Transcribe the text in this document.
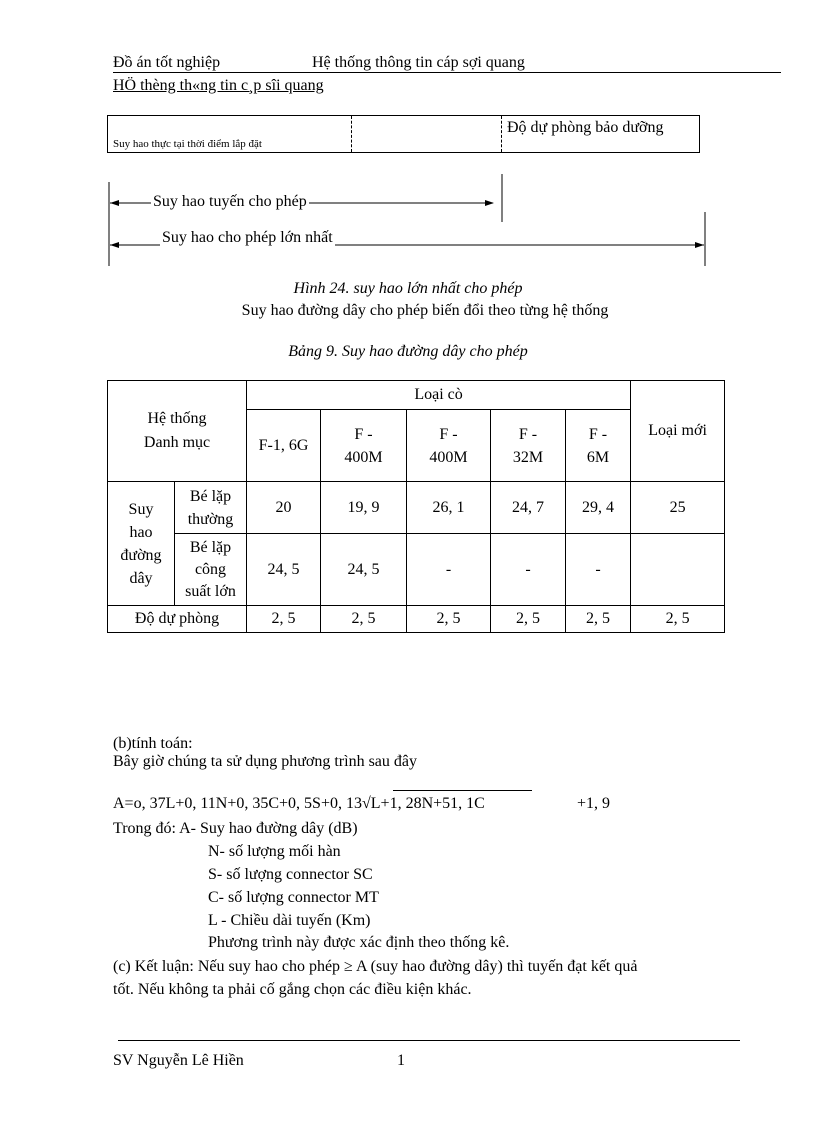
Đồ án tốt nghiệp	Hệ thống thông tin cáp sợi quang
HÖ thèng th«ng tin c¸p sîi quang
Suy hao thực tại thời điểm lắp đặt
Độ dự phòng bảo dưỡng
Suy hao tuyến cho phép
Suy hao cho phép lớn nhất
Hình 24. suy hao lớn nhất cho phép
Suy hao đường dây cho phép biến đổi theo từng hệ thống
Bảng 9. Suy hao đường dây cho phép
Hệ thống
Danh mục		Loại cò					Loại mới
		F-1, 6G	F - 400M	F - 400M	F - 32M	F - 6M	
Suy hao đường dây	Bé lặp thường	20	19, 9	26, 1	24, 7	29, 4	25
	Bé lặp công suất lớn	24, 5	24, 5	-	-	-	
Độ dự phòng		2, 5	2, 5	2, 5	2, 5	2, 5	2, 5
(b)tính toán:
Bây giờ chúng ta sử dụng phương trình sau đây
A=o, 37L+0, 11N+0, 35C+0, 5S+0, 13√L+1, 28N+51, 1C	+1, 9
Trong đó: A- Suy hao đường dây (dB)
N- số lượng mối hàn
S- số lượng connector SC
C- số lượng connector MT
L - Chiều dài tuyến (Km)
Phương trình này được xác định theo thống kê.
(c) Kết luận: Nếu suy hao cho phép ≥ A (suy hao đường dây) thì tuyến đạt kết quả
tốt. Nếu không ta phải cố gắng chọn các điều kiện khác.
SV Nguyễn Lê Hiền	1
